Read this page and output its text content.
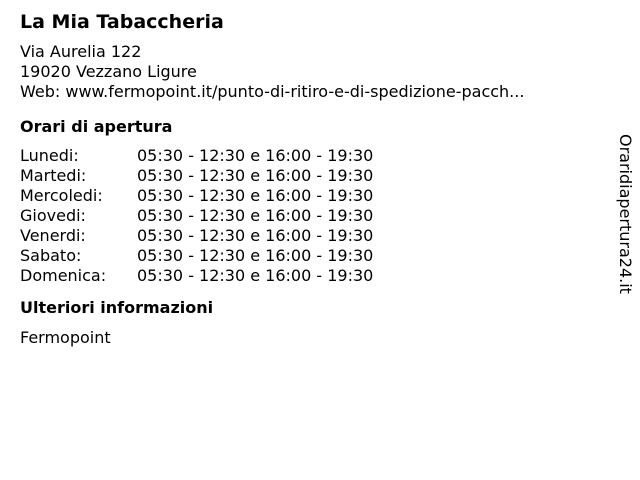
La Mia Tabaccheria
Via Aurelia 122
19020 Vezzano Ligure
Web: www.fermopoint.it/punto-di-ritiro-e-di-spedizione-pacch...
Orari di apertura
Lunedi:	05:30 - 12:30 e 16:00 - 19:30
Martedi:	05:30 - 12:30 e 16:00 - 19:30
Mercoledi: 05:30 - 12:30 e 16:00 - 19:30
Giovedi:	05:30 - 12:30 e 16:00 - 19:30
Venerdi:	05:30 - 12:30 e 16:00 - 19:30
Sabato:	05:30 - 12:30 e 16:00 - 19:30
Domenica: 05:30 - 12:30 e 16:00 - 19:30
Ulteriori informazioni
Fermopoint
Oraridiapertura24.it
